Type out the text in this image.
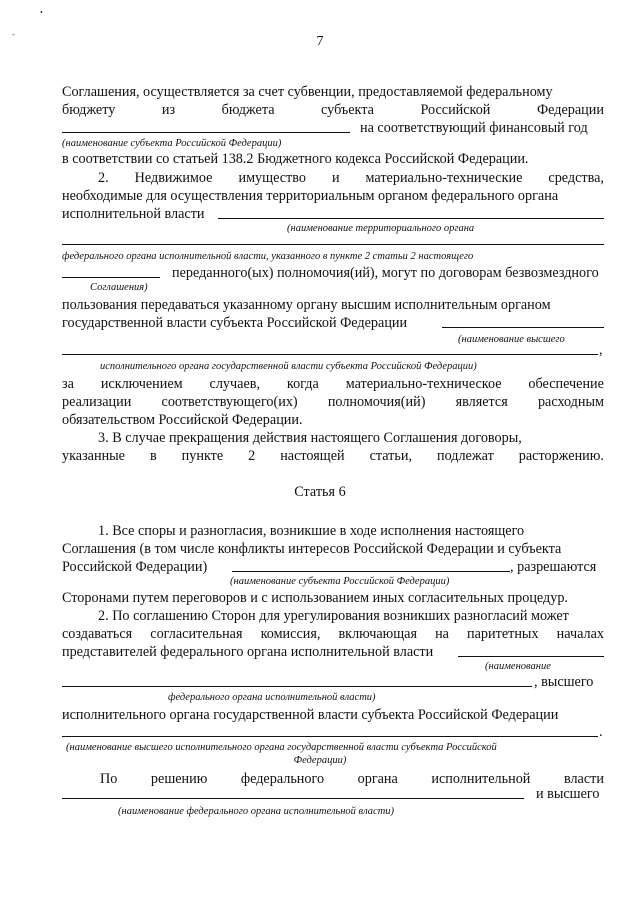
•
-	7
Соглашения, осуществляется за счет субвенции, предоставляемой федеральному
бюджету	из	бюджета	субъекта	Российской	Федерации
на соответствующий финансовый год
(наименование субъекта Российской Федерации)
в соответствии со статьей 138.2 Бюджетного кодекса Российской Федерации.
2. Недвижимое имущество и материально-технические средства,
необходимые для осуществления территориальным органом федерального органа
исполнительной власти
(наименование территориального органа
федерального органа исполнительной власти, указанного в пункте 2 статьи 2 настоящего
переданного(ых) полномочия(ий), могут по договорам безвозмездного
Соглашения)
пользования передаваться указанному органу высшим исполнительным органом
государственной власти субъекта Российской Федерации
(наименование высшего
,
исполнительного органа государственной власти субъекта Российской Федерации)
за исключением случаев, когда материально-техническое обеспечение
реализации соответствующего(их) полномочия(ий) является расходным
обязательством Российской Федерации.
3. В случае прекращения действия настоящего Соглашения договоры,
указанные в пункте 2 настоящей статьи, подлежат расторжению.
Статья 6
1. Все споры и разногласия, возникшие в ходе исполнения настоящего
Соглашения (в том числе конфликты интересов Российской Федерации и субъекта
Российской Федерации)	, разрешаются
(наименование субъекта Российской Федерации)
Сторонами путем переговоров и с использованием иных согласительных процедур.
2. По соглашению Сторон для урегулирования возникших разногласий может
создаваться согласительная комиссия, включающая на паритетных началах
представителей федерального органа исполнительной власти
(наименование
, высшего
федерального органа исполнительной власти)
исполнительного органа государственной власти субъекта Российской Федерации
.
(наименование высшего исполнительного органа государственной власти субъекта Российской
Федерации)
По решению федерального органа исполнительной власти
и высшего
(наименование федерального органа исполнительной власти)
